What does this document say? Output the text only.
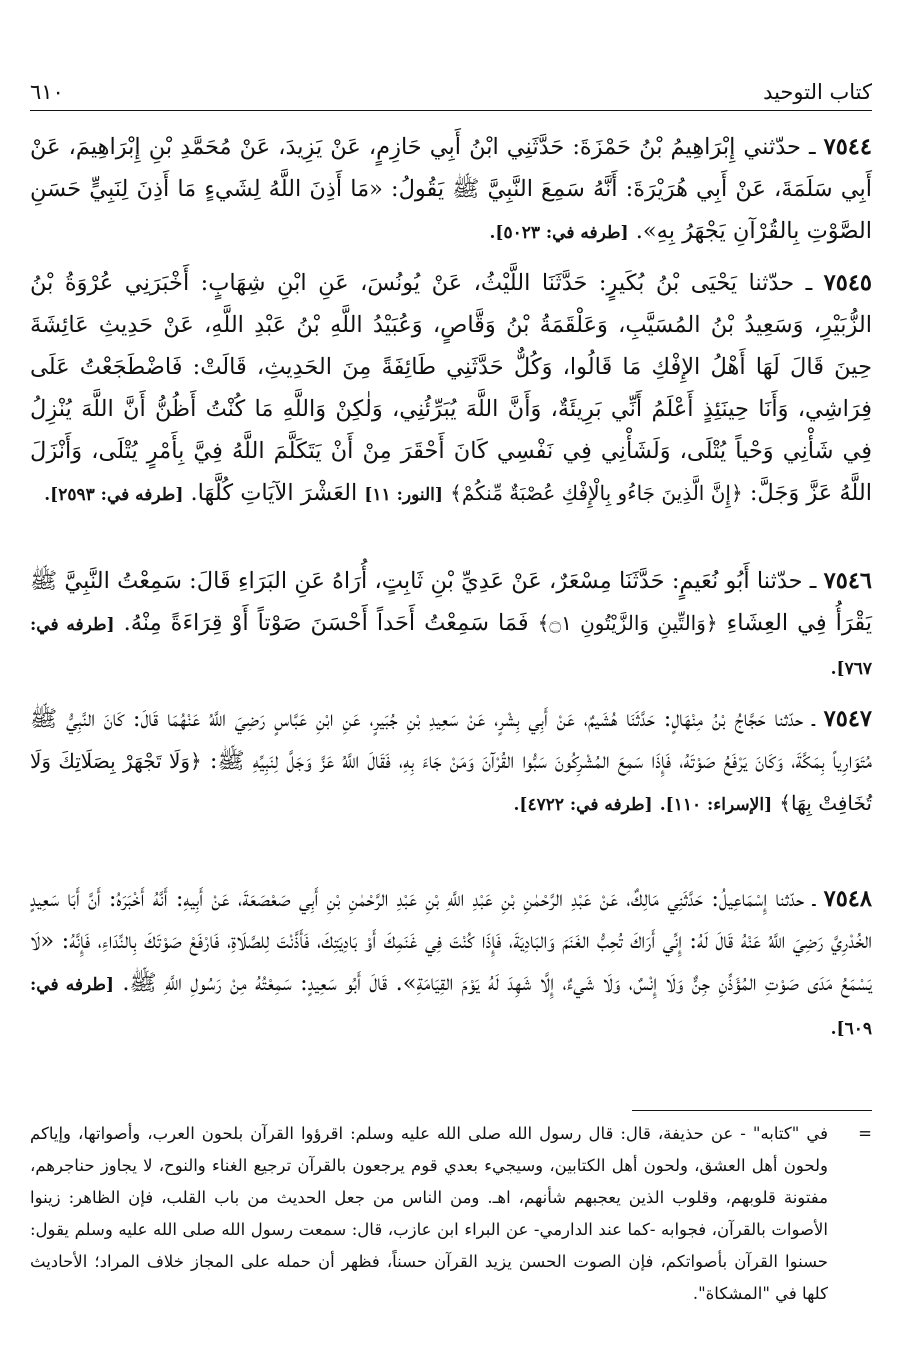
كتاب التوحيد
٦١٠

٧٥٤٤ ـ حدّثني إِبْرَاهِيمُ بْنُ حَمْزَةَ: حَدَّثَنِي ابْنُ أَبِي حَازِمٍ، عَنْ يَزِيدَ، عَنْ مُحَمَّدِ بْنِ إِبْرَاهِيمَ، عَنْ أَبِي سَلَمَةَ، عَنْ أَبِي هُرَيْرَةَ: أَنَّهُ سَمِعَ النَّبِيَّ ﷺ يَقُولُ: «مَا أَذِنَ اللَّهُ لِشَيءٍ مَا أَذِنَ لِنَبِيٍّ حَسَنِ الصَّوْتِ بِالقُرْآنِ يَجْهَرُ بِهِ». [طرفه في: ٥٠٢٣].

٧٥٤٥ ـ حدّثنا يَحْيَى بْنُ بُكَيرٍ: حَدَّثَنَا اللَّيْثُ، عَنْ يُونُسَ، عَنِ ابْنِ شِهَابٍ: أَخْبَرَنِي عُرْوَةُ بْنُ الزُّبَيْرِ، وَسَعِيدُ بْنُ المُسَيَّبِ، وَعَلْقَمَةُ بْنُ وَقَّاصٍ، وَعُبَيْدُ اللَّهِ بْنُ عَبْدِ اللَّهِ، عَنْ حَدِيثِ عَائِشَةَ حِينَ قَالَ لَهَا أَهْلُ الإِفْكِ مَا قَالُوا، وَكُلٌّ حَدَّثَنِي طَائِفَةً مِنَ الحَدِيثِ، قَالَتْ: فَاضْطَجَعْتُ عَلَى فِرَاشِي، وَأَنَا حِينَئِذٍ أَعْلَمُ أَنِّي بَرِيئَةٌ، وَأَنَّ اللَّهَ يُبَرِّئُنِي، وَلٰكِنْ وَاللَّهِ مَا كُنْتُ أَظُنُّ أَنَّ اللَّهَ يُنْزِلُ فِي شَأْنِي وَحْياً يُتْلَى، وَلَشَأْنِي فِي نَفْسِي كَانَ أَحْقَرَ مِنْ أَنْ يَتَكَلَّمَ اللَّهُ فِيَّ بِأَمْرٍ يُتْلَى، وَأَنْزَلَ اللَّهُ عَزَّ وَجَلَّ: ﴿إِنَّ الَّذِينَ جَاءُو بِالْإِفْكِ عُصْبَةٌ مِّنكُمْ﴾ [النور: ١١] العَشْرَ الآيَاتِ كُلَّهَا. [طرفه في: ٢٥٩٣].

٧٥٤٦ ـ حدّثنا أَبُو نُعَيمٍ: حَدَّثَنَا مِسْعَرٌ، عَنْ عَدِيِّ بْنِ ثَابِتٍ، أُرَاهُ عَنِ البَرَاءِ قَالَ: سَمِعْتُ النَّبِيَّ ﷺ يَقْرَأُ فِي العِشَاءِ ﴿وَالتِّينِ وَالزَّيْتُونِ ۝١﴾ فَمَا سَمِعْتُ أَحَداً أَحْسَنَ صَوْتاً أَوْ قِرَاءَةً مِنْهُ. [طرفه في: ٧٦٧].

٧٥٤٧ ـ حدّثنا حَجَّاجُ بْنُ مِنْهَالٍ: حَدَّثَنَا هُشَيمٌ، عَنْ أَبِي بِشْرٍ، عَنْ سَعِيدِ بْنِ جُبَيرٍ، عَنِ ابْنِ عَبَّاسٍ رَضِيَ اللَّهُ عَنْهُمَا قَالَ: كَانَ النَّبِيُّ ﷺ مُتَوَارِياً بِمَكَّةَ، وَكَانَ يَرْفَعُ صَوْتَهُ، فَإِذَا سَمِعَ المُشْرِكُونَ سَبُّوا القُرْآنَ وَمَنْ جَاءَ بِهِ، فَقَالَ اللَّهُ عَزَّ وَجَلَّ لِنَبِيِّهِ ﷺ: ﴿وَلَا تَجْهَرْ بِصَلَاتِكَ وَلَا تُخَافِتْ بِهَا﴾ [الإسراء: ١١٠]. [طرفه في: ٤٧٢٢].

٧٥٤٨ ـ حدّثنا إِسْمَاعِيلُ: حَدَّثَنِي مَالِكٌ، عَنْ عَبْدِ الرَّحْمٰنِ بْنِ عَبْدِ اللَّهِ بْنِ عَبْدِ الرَّحْمٰنِ بْنِ أَبِي صَعْصَعَةَ، عَنْ أَبِيهِ: أَنَّهُ أَخْبَرَهُ: أَنَّ أَبَا سَعِيدٍ الخُدْرِيَّ رَضِيَ اللَّهُ عَنْهُ قَالَ لَهُ: إِنِّي أَرَاكَ تُحِبُّ الغَنَمَ وَالبَادِيَةَ، فَإِذَا كُنْتَ فِي غَنَمِكَ أَوْ بَادِيَتِكَ، فَأَذَّنْتَ لِلصَّلَاةِ، فَارْفَعْ صَوْتَكَ بِالنِّدَاءِ، فَإِنَّهُ: «لَا يَسْمَعُ مَدَى صَوْتِ المُؤَذِّنِ جِنٌّ وَلَا إِنْسٌ، وَلَا شَيءٌ، إِلَّا شَهِدَ لَهُ يَوْمَ القِيَامَةِ». قَالَ أَبُو سَعِيدٍ: سَمِعْتُهُ مِنْ رَسُولِ اللَّهِ ﷺ. [طرفه في: ٦٠٩].

=
في "كتابه" - عن حذيفة، قال: قال رسول الله صلى الله عليه وسلم: اقرؤوا القرآن بلحون العرب، وأصواتها، وإياكم ولحون أهل العشق، ولحون أهل الكتابين، وسيجيء بعدي قوم يرجعون بالقرآن ترجيع الغناء والنوح، لا يجاوز حناجرهم، مفتونة قلوبهم، وقلوب الذين يعجبهم شأنهم، اهـ. ومن الناس من جعل الحديث من باب القلب، فإن الظاهر: زينوا الأصوات بالقرآن، فجوابه -كما عند الدارمي- عن البراء ابن عازب، قال: سمعت رسول الله صلى الله عليه وسلم يقول: حسنوا القرآن بأصواتكم، فإن الصوت الحسن يزيد القرآن حسناً، فظهر أن حمله على المجاز خلاف المراد؛ الأحاديث كلها في "المشكاة".
